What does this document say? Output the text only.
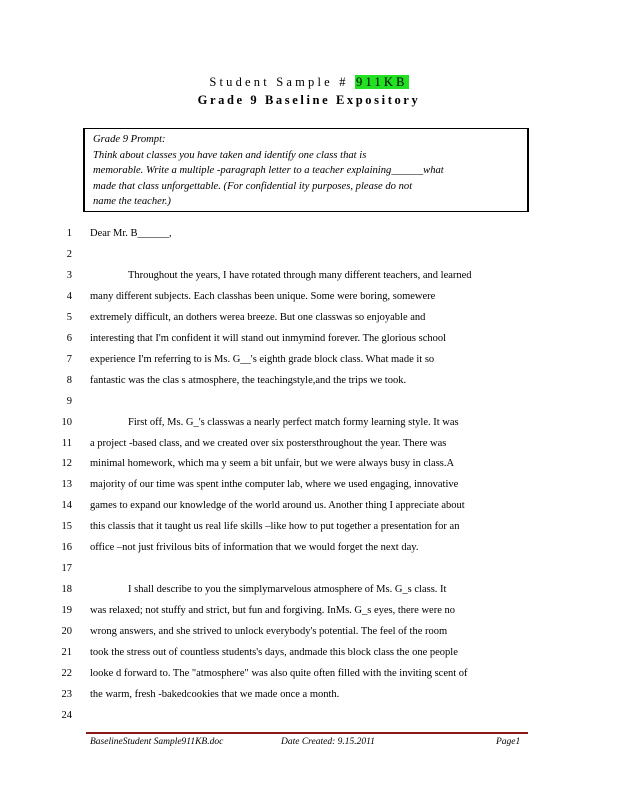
Student Sample # 911KB
Grade 9 Baseline Expository
Grade 9 Prompt:
Think about classes you have taken and identify one class that is
memorable. Write a multiple -paragraph letter to a teacher explaining______what
made that class unforgettable. (For confidential ity purposes, please do not
name the teacher.)
1 Dear Mr. B______,
2
3	Throughout the years, I have rotated through many different teachers, and learned
4 many different subjects. Each classhas been unique. Some were boring, somewere
5 extremely difficult, an dothers werea breeze. But one classwas so enjoyable and
6 interesting that I'm confident it will stand out inmymind forever. The glorious school
7 experience I'm referring to is Ms. G__'s eighth grade block class. What made it so
8 fantastic was the clas s atmosphere, the teachingstyle,and the trips we took.
9
10	First off, Ms. G_'s classwas a nearly perfect match formy learning style. It was
11 a project -based class, and we created over six postersthroughout the year. There was
12 minimal homework, which ma y seem a bit unfair, but we were always busy in class.A
13 majority of our time was spent inthe computer lab, where we used engaging, innovative
14 games to expand our knowledge of the world around us. Another thing I appreciate about
15 this classis that it taught us real life skills –like how to put together a presentation for an
16 office –not just frivilous bits of information that we would forget the next day.
17
18	I shall describe to you the simplymarvelous atmosphere of Ms. G_s class. It
19 was relaxed; not stuffy and strict, but fun and forgiving. InMs. G_s eyes, there were no
20 wrong answers, and she strived to unlock everybody's potential. The feel of the room
21 took the stress out of countless students's days, andmade this block class the one people
22 looke d forward to. The "atmosphere" was also quite often filled with the inviting scent of
23 the warm, fresh -bakedcookies that we made once a month.
24
BaselineStudent Sample911KB.doc	Date Created: 9.15.2011	Page1
